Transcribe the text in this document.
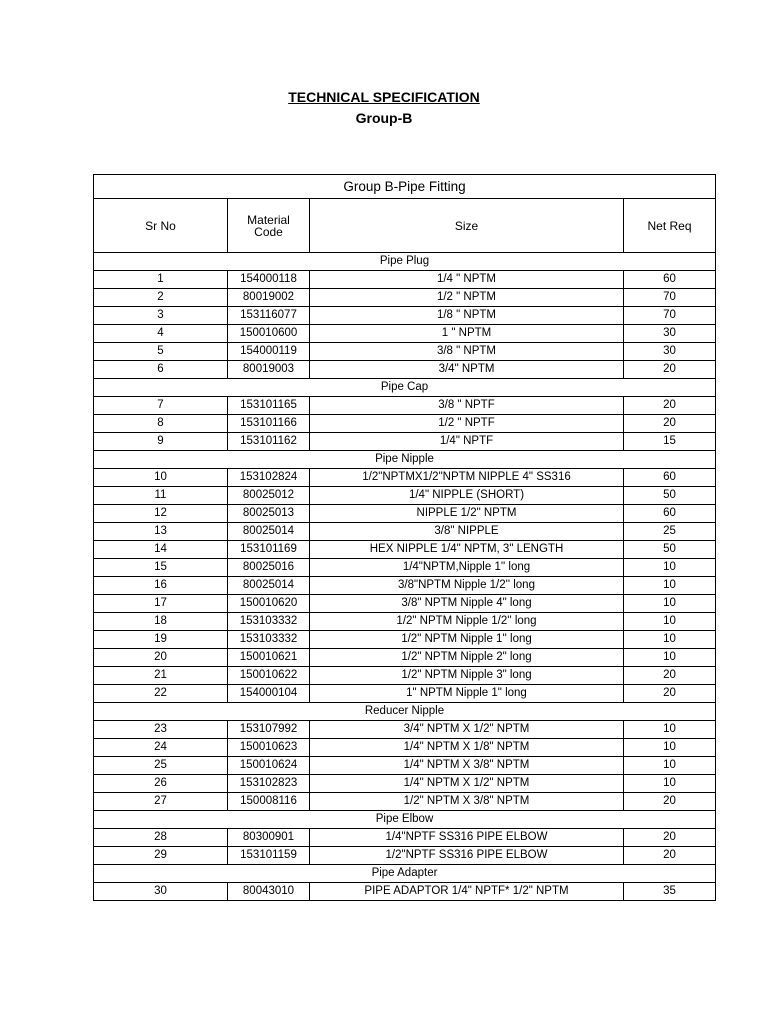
TECHNICAL SPECIFICATION
Group-B
Group B-Pipe Fitting			
Sr No	Material Code	Size	Net Req
Pipe Plug			
1	154000118	1/4 " NPTM	60
2	80019002	1/2 " NPTM	70
3	153116077	1/8 " NPTM	70
4	150010600	1 " NPTM	30
5	154000119	3/8 " NPTM	30
6	80019003	3/4" NPTM	20
Pipe Cap			
7	153101165	3/8 " NPTF	20
8	153101166	1/2 " NPTF	20
9	153101162	1/4" NPTF	15
Pipe Nipple			
10	153102824	1/2"NPTMX1/2"NPTM NIPPLE 4" SS316	60
11	80025012	1/4" NIPPLE (SHORT)	50
12	80025013	NIPPLE 1/2" NPTM	60
13	80025014	3/8" NIPPLE	25
14	153101169	HEX NIPPLE 1/4" NPTM, 3" LENGTH	50
15	80025016	1/4"NPTM,Nipple 1'' long	10
16	80025014	3/8"NPTM Nipple 1/2'' long	10
17	150010620	3/8" NPTM Nipple 4" long	10
18	153103332	1/2" NPTM Nipple 1/2'' long	10
19	153103332	1/2" NPTM Nipple 1'' long	10
20	150010621	1/2" NPTM Nipple 2" long	10
21	150010622	1/2" NPTM Nipple 3" long	20
22	154000104	1" NPTM Nipple 1" long	20
Reducer Nipple			
23	153107992	3/4" NPTM X 1/2" NPTM	10
24	150010623	1/4" NPTM X 1/8" NPTM	10
25	150010624	1/4" NPTM X 3/8" NPTM	10
26	153102823	1/4" NPTM X 1/2" NPTM	10
27	150008116	1/2" NPTM X 3/8" NPTM	20
Pipe Elbow			
28	80300901	1/4"NPTF SS316 PIPE ELBOW	20
29	153101159	1/2"NPTF SS316 PIPE ELBOW	20
Pipe Adapter			
30	80043010	PIPE ADAPTOR 1/4" NPTF* 1/2" NPTM	35
